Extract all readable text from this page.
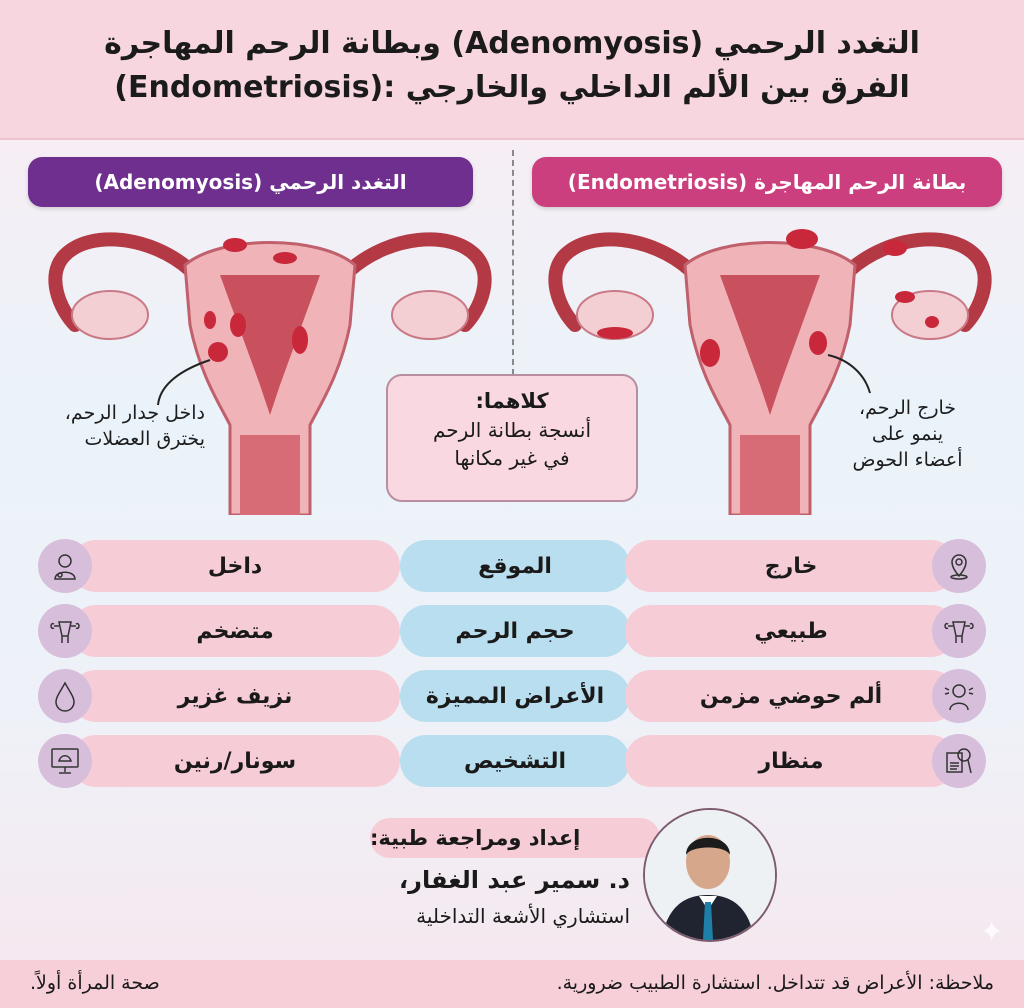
التغدد الرحمي (Adenomyosis) وبطانة الرحم المهاجرة
(Endometriosis): الفرق بين الألم الداخلي والخارجي
التغدد الرحمي (Adenomyosis)	بطانة الرحم المهاجرة (Endometriosis)
داخل جدار الرحم،
يخترق العضلات
خارج الرحم،
ينمو على
أعضاء الحوض
كلاهما:
أنسجة بطانة الرحم
في غير مكانها
داخل	الموقع	خارج
متضخم	حجم الرحم	طبيعي
نزيف غزير	الأعراض المميزة	ألم حوضي مزمن
سونار/رنين	التشخيص	منظار
إعداد ومراجعة طبية:
د. سمير عبد الغفار،
استشاري الأشعة التداخلية	✦
ملاحظة: الأعراض قد تتداخل. استشارة الطبيب ضرورية.
صحة المرأة أولاً.
